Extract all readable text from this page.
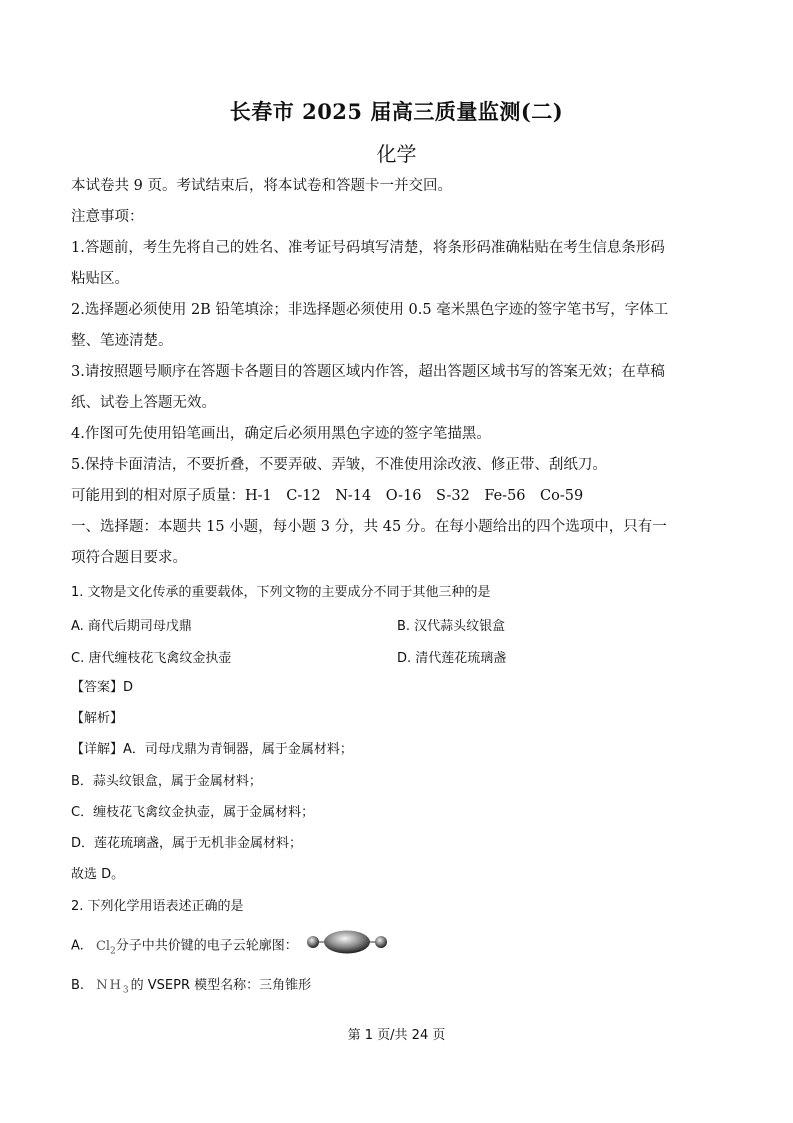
长春市 2025 届高三质量监测(二)
化学
本试卷共 9 页。考试结束后，将本试卷和答题卡一并交回。
注意事项：
1.答题前，考生先将自己的姓名、准考证号码填写清楚，将条形码准确粘贴在考生信息条形码
粘贴区。
2.选择题必须使用 2B 铅笔填涂；非选择题必须使用 0.5 毫米黑色字迹的签字笔书写，字体工
整、笔迹清楚。
3.请按照题号顺序在答题卡各题目的答题区域内作答，超出答题区域书写的答案无效；在草稿
纸、试卷上答题无效。
4.作图可先使用铅笔画出，确定后必须用黑色字迹的签字笔描黑。
5.保持卡面清洁，不要折叠，不要弄破、弄皱，不准使用涂改液、修正带、刮纸刀。
可能用到的相对原子质量：H-1　C-12　N-14　O-16　S-32　Fe-56　Co-59
一、选择题：本题共 15 小题，每小题 3 分，共 45 分。在每小题给出的四个选项中，只有一
项符合题目要求。
1. 文物是文化传承的重要载体，下列文物的主要成分不同于其他三种的是
A. 商代后期司母戊鼎	B. 汉代蒜头纹银盒
C. 唐代缠枝花飞禽纹金执壶	D. 清代莲花琉璃盏
【答案】D
【解析】
【详解】A．司母戊鼎为青铜器，属于金属材料；
B．蒜头纹银盒，属于金属材料；
C．缠枝花飞禽纹金执壶，属于金属材料；
D．莲花琉璃盏，属于无机非金属材料；
故选 D。
2. 下列化学用语表述正确的是
A. $Cl_2$分子中共价键的电子云轮廓图：
B. $NH_3$的 VSEPR 模型名称：三角锥形
第 1 页/共 24 页
